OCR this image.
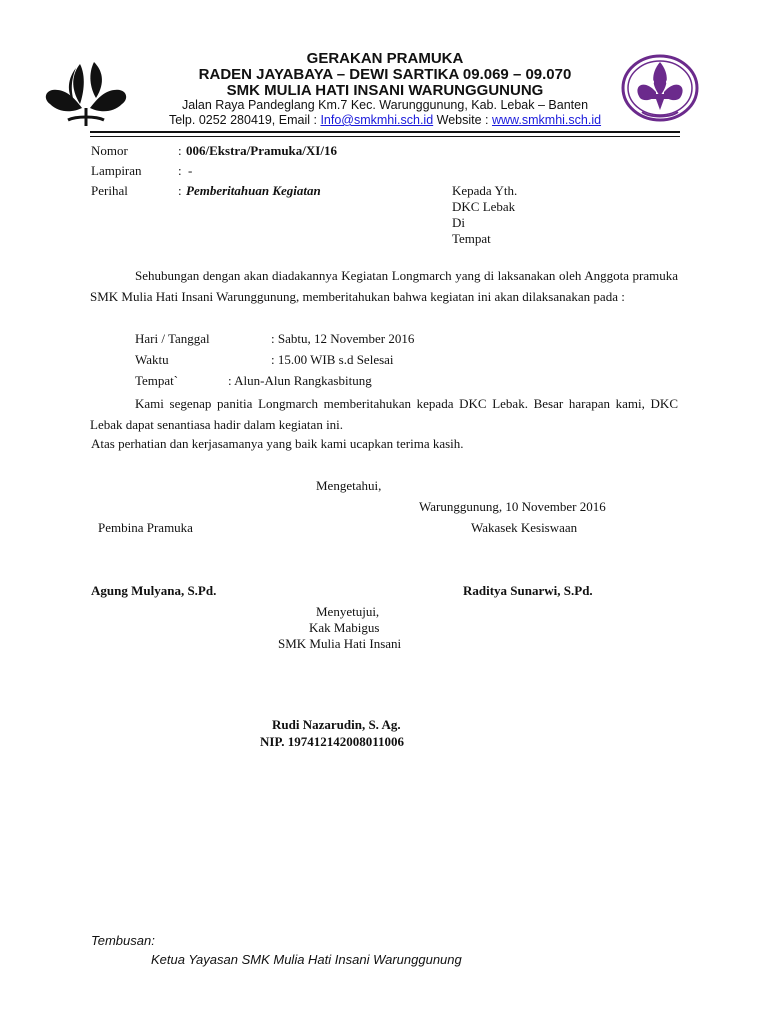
GERAKAN PRAMUKA
RADEN JAYABAYA – DEWI SARTIKA 09.069 – 09.070
SMK MULIA HATI INSANI WARUNGGUNUNG
Jalan Raya Pandeglang Km.7 Kec. Warunggunung, Kab. Lebak – Banten
Telp. 0252 280419, Email : Info@smkmhi.sch.id Website : www.smkmhi.sch.id
Nomor	: 006/Ekstra/Pramuka/XI/16
Lampiran	: -
Perihal	: Pemberitahuan Kegiatan	Kepada Yth.
DKC Lebak
Di
Tempat

Sehubungan dengan akan diadakannya Kegiatan Longmarch yang di laksanakan oleh Anggota pramuka SMK Mulia Hati Insani Warunggunung, memberitahukan bahwa kegiatan ini akan dilaksanakan pada :

Hari / Tanggal	: Sabtu, 12 November 2016
Waktu	: 15.00 WIB s.d Selesai
Tempat`	: Alun-Alun Rangkasbitung

Kami segenap panitia Longmarch memberitahukan kepada DKC Lebak. Besar harapan kami, DKC Lebak dapat senantiasa hadir dalam kegiatan ini.

Atas perhatian dan kerjasamanya yang baik kami ucapkan terima kasih.
Mengetahui,
Warunggunung, 10 November 2016
Pembina Pramuka	Wakasek Kesiswaan
Agung Mulyana, S.Pd.	Raditya Sunarwi, S.Pd.
Menyetujui,
Kak Mabigus
SMK Mulia Hati Insani
Rudi Nazarudin, S. Ag.
NIP. 197412142008011006
Tembusan:
Ketua Yayasan SMK Mulia Hati Insani Warunggunung
